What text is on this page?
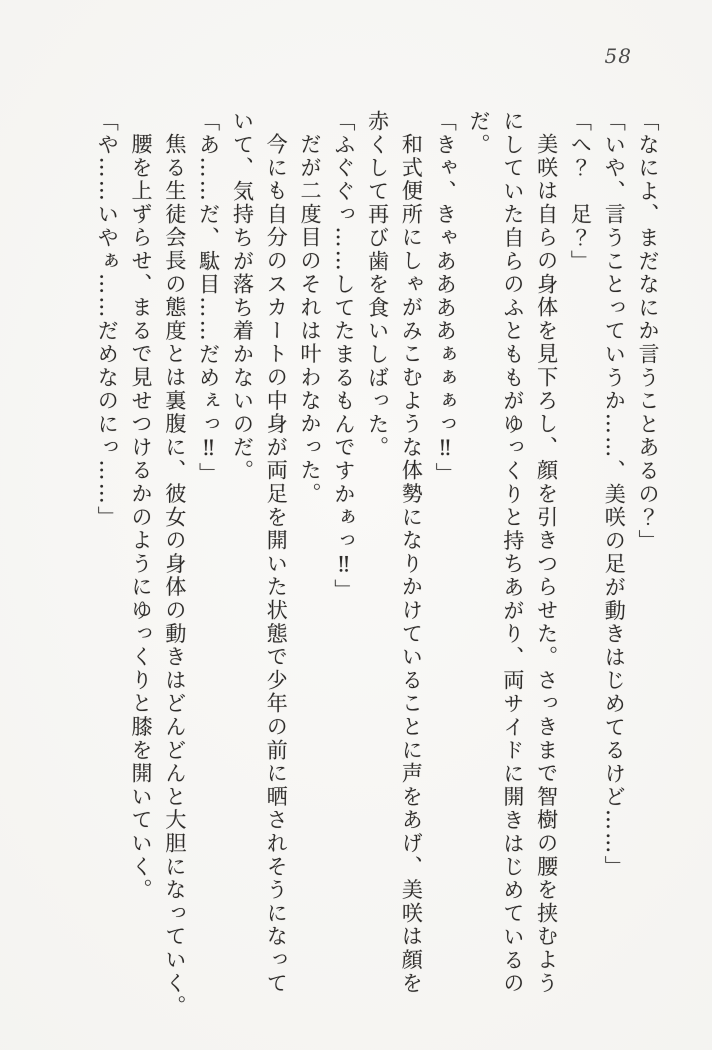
58
「なによ、まだなにか言うことあるの？」
「いや、言うことっていうか……、美咲の足が動きはじめてるけど……」
「へ？　足？」
美咲は自らの身体を見下ろし、顔を引きつらせた。さっきまで智樹の腰を挟むよう
にしていた自らのふとももがゆっくりと持ちあがり、両サイドに開きはじめているの
だ。
「きゃ、きゃああああぁぁぁっ‼」
和式便所にしゃがみこむような体勢になりかけていることに声をあげ、美咲は顔を
赤くして再び歯を食いしばった。
「ふぐぐっ……してたまるもんですかぁっ‼」
だが二度目のそれは叶わなかった。
今にも自分のスカートの中身が両足を開いた状態で少年の前に晒されそうになって
いて、気持ちが落ち着かないのだ。
「あ……だ、駄目……だめぇっ‼」
焦る生徒会長の態度とは裏腹に、彼女の身体の動きはどんどんと大胆になっていく。
腰を上ずらせ、まるで見せつけるかのようにゆっくりと膝を開いていく。
「や……いやぁ……だめなのにっ……」
